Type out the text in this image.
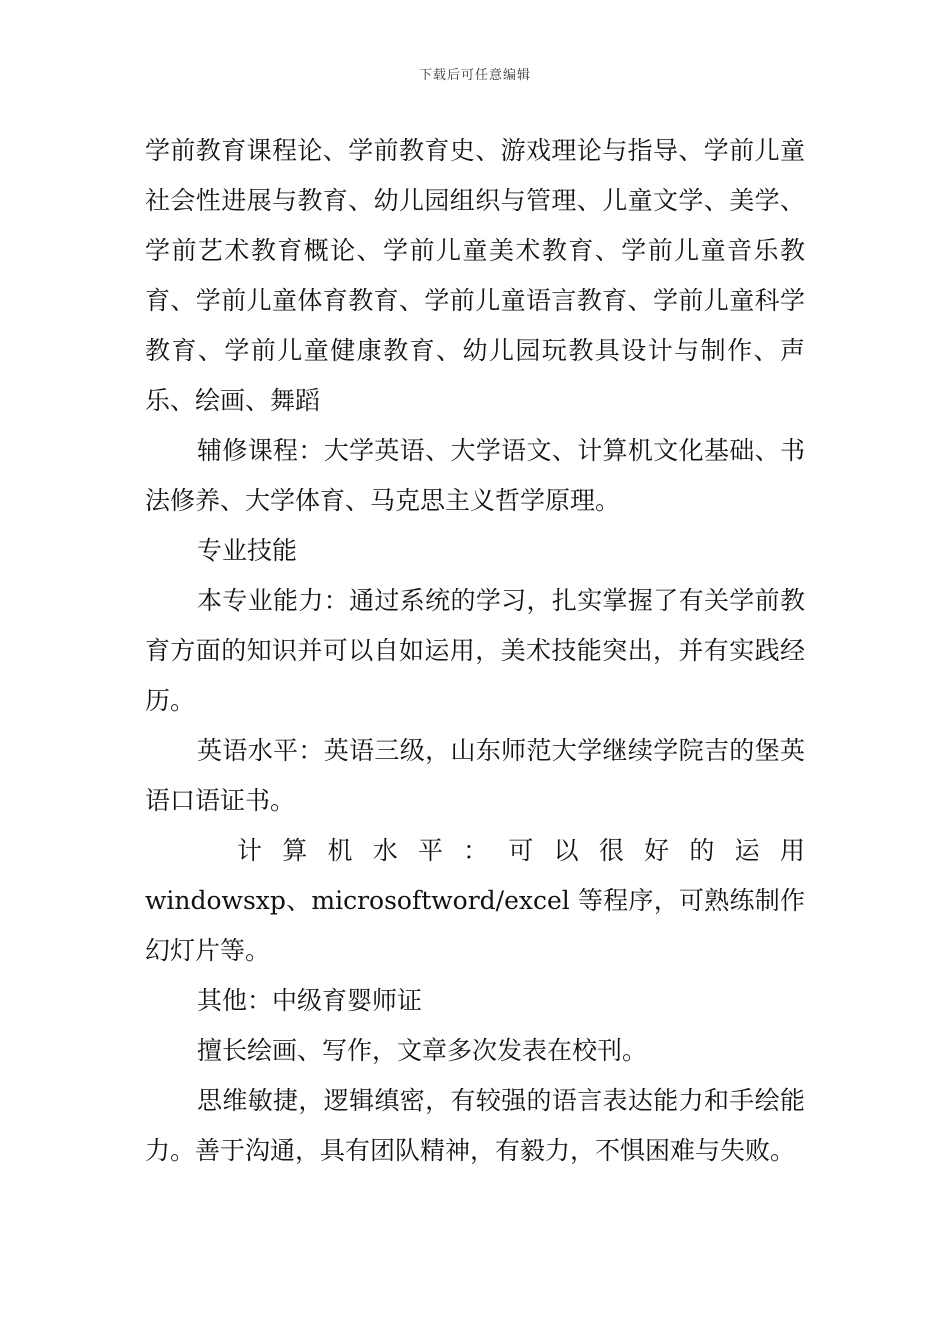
下载后可任意编辑

学前教育课程论、学前教育史、游戏理论与指导、学前儿童社会性进展与教育、幼儿园组织与管理、儿童文学、美学、学前艺术教育概论、学前儿童美术教育、学前儿童音乐教育、学前儿童体育教育、学前儿童语言教育、学前儿童科学教育、学前儿童健康教育、幼儿园玩教具设计与制作、声乐、绘画、舞蹈

辅修课程：大学英语、大学语文、计算机文化基础、书法修养、大学体育、马克思主义哲学原理。

专业技能

本专业能力：通过系统的学习，扎实掌握了有关学前教育方面的知识并可以自如运用，美术技能突出，并有实践经历。

英语水平：英语三级，山东师范大学继续学院吉的堡英语口语证书。

计 算 机 水 平 ： 可 以 很 好 的 运 用

windowsxp、microsoftword/excel 等程序，可熟练制作幻灯片等。

其他：中级育婴师证

擅长绘画、写作，文章多次发表在校刊。

思维敏捷，逻辑缜密，有较强的语言表达能力和手绘能力。善于沟通，具有团队精神，有毅力，不惧困难与失败。
